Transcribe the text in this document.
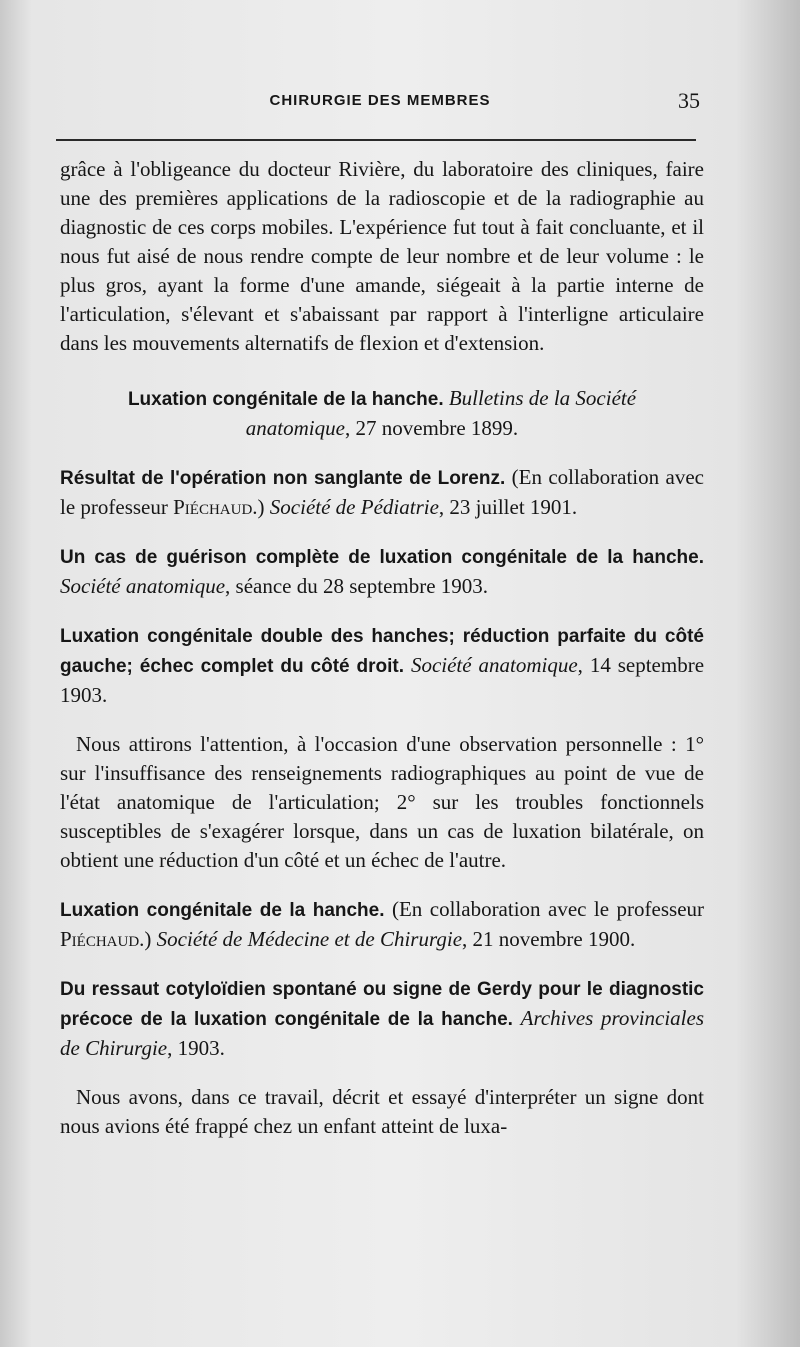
CHIRURGIE DES MEMBRES	35

grâce à l'obligeance du docteur Rivière, du laboratoire des cliniques, faire une des premières applications de la radioscopie et de la radiographie au diagnostic de ces corps mobiles. L'expérience fut tout à fait concluante, et il nous fut aisé de nous rendre compte de leur nombre et de leur volume : le plus gros, ayant la forme d'une amande, siégeait à la partie interne de l'articulation, s'élevant et s'abaissant par rapport à l'interligne articulaire dans les mouvements alternatifs de flexion et d'extension.

Luxation congénitale de la hanche. Bulletins de la Société anatomique, 27 novembre 1899.

Résultat de l'opération non sanglante de Lorenz. (En collaboration avec le professeur Piéchaud.) Société de Pédiatrie, 23 juillet 1901.

Un cas de guérison complète de luxation congénitale de la hanche. Société anatomique, séance du 28 septembre 1903.

Luxation congénitale double des hanches; réduction parfaite du côté gauche; échec complet du côté droit. Société anatomique, 14 septembre 1903.

Nous attirons l'attention, à l'occasion d'une observation personnelle : 1° sur l'insuffisance des renseignements radiographiques au point de vue de l'état anatomique de l'articulation; 2° sur les troubles fonctionnels susceptibles de s'exagérer lorsque, dans un cas de luxation bilatérale, on obtient une réduction d'un côté et un échec de l'autre.

Luxation congénitale de la hanche. (En collaboration avec le professeur Piéchaud.) Société de Médecine et de Chirurgie, 21 novembre 1900.

Du ressaut cotyloïdien spontané ou signe de Gerdy pour le diagnostic précoce de la luxation congénitale de la hanche. Archives provinciales de Chirurgie, 1903.

Nous avons, dans ce travail, décrit et essayé d'interpréter un signe dont nous avions été frappé chez un enfant atteint de luxa-
